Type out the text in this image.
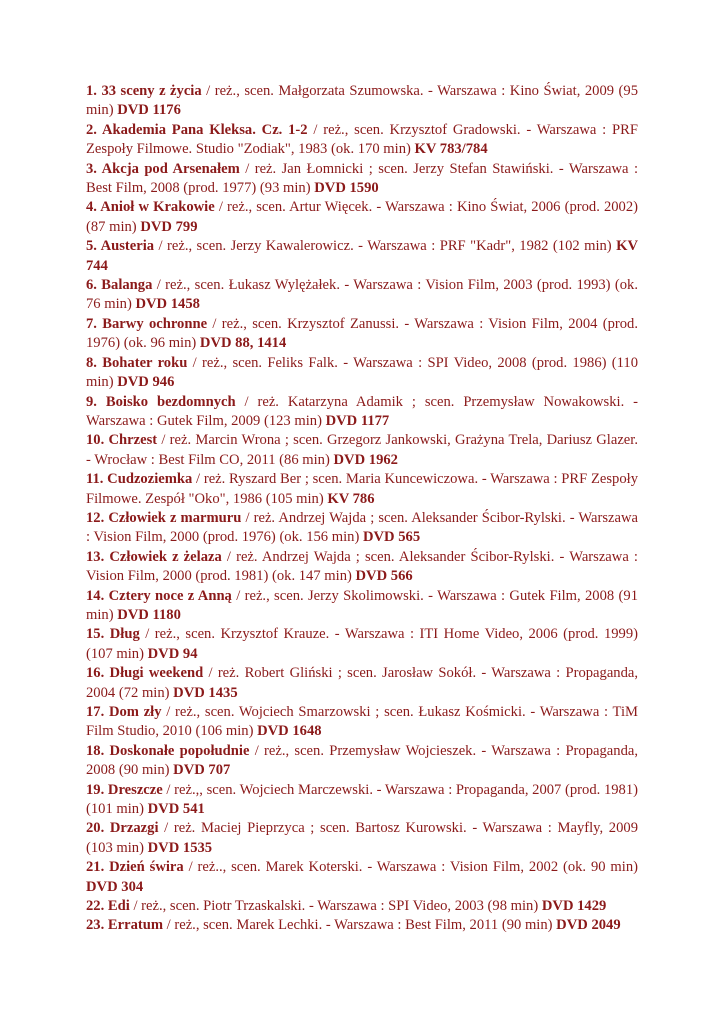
1. 33 sceny z życia / reż., scen. Małgorzata Szumowska. - Warszawa : Kino Świat, 2009 (95 min) DVD 1176

2. Akademia Pana Kleksa. Cz. 1-2 / reż., scen. Krzysztof Gradowski. - Warszawa : PRF Zespoły Filmowe. Studio "Zodiak", 1983 (ok. 170 min) KV 783/784

3. Akcja pod Arsenałem / reż. Jan Łomnicki ; scen. Jerzy Stefan Stawiński. - Warszawa : Best Film, 2008 (prod. 1977) (93 min) DVD 1590

4. Anioł w Krakowie / reż., scen. Artur Więcek. - Warszawa : Kino Świat, 2006 (prod. 2002) (87 min) DVD 799

5. Austeria / reż., scen. Jerzy Kawalerowicz. - Warszawa : PRF "Kadr", 1982 (102 min) KV 744

6. Balanga / reż., scen. Łukasz Wylężałek. - Warszawa : Vision Film, 2003 (prod. 1993) (ok. 76 min) DVD 1458

7. Barwy ochronne / reż., scen. Krzysztof Zanussi. - Warszawa : Vision Film, 2004 (prod. 1976) (ok. 96 min) DVD 88, 1414

8. Bohater roku / reż., scen. Feliks Falk. - Warszawa : SPI Video, 2008 (prod. 1986) (110 min) DVD 946

9. Boisko bezdomnych / reż. Katarzyna Adamik ; scen. Przemysław Nowakowski. - Warszawa : Gutek Film, 2009 (123 min) DVD 1177

10. Chrzest / reż. Marcin Wrona ; scen. Grzegorz Jankowski, Grażyna Trela, Dariusz Glazer. - Wrocław : Best Film CO, 2011 (86 min) DVD 1962

11. Cudzoziemka / reż. Ryszard Ber ; scen. Maria Kuncewiczowa. - Warszawa : PRF Zespoły Filmowe. Zespół "Oko", 1986 (105 min) KV 786

12. Człowiek z marmuru / reż. Andrzej Wajda ; scen. Aleksander Ścibor-Rylski. - Warszawa : Vision Film, 2000 (prod. 1976) (ok. 156 min) DVD 565

13. Człowiek z żelaza / reż. Andrzej Wajda ; scen. Aleksander Ścibor-Rylski. - Warszawa : Vision Film, 2000 (prod. 1981) (ok. 147 min) DVD 566

14. Cztery noce z Anną / reż., scen. Jerzy Skolimowski. - Warszawa : Gutek Film, 2008 (91 min) DVD 1180

15. Dług / reż., scen. Krzysztof Krauze. - Warszawa : ITI Home Video, 2006 (prod. 1999) (107 min) DVD 94

16. Długi weekend / reż. Robert Gliński ; scen. Jarosław Sokół. - Warszawa : Propaganda, 2004 (72 min) DVD 1435

17. Dom zły / reż., scen. Wojciech Smarzowski ; scen. Łukasz Kośmicki. - Warszawa : TiM Film Studio, 2010 (106 min) DVD 1648

18. Doskonałe popołudnie / reż., scen. Przemysław Wojcieszek. - Warszawa : Propaganda, 2008 (90 min) DVD 707

19. Dreszcze / reż.,, scen. Wojciech Marczewski. - Warszawa : Propaganda, 2007 (prod. 1981) (101 min) DVD 541

20. Drzazgi / reż. Maciej Pieprzyca ; scen. Bartosz Kurowski. - Warszawa : Mayfly, 2009 (103 min) DVD 1535

21. Dzień świra / reż.., scen. Marek Koterski. - Warszawa : Vision Film, 2002 (ok. 90 min) DVD 304

22. Edi / reż., scen. Piotr Trzaskalski. - Warszawa : SPI Video, 2003 (98 min) DVD 1429

23. Erratum / reż., scen. Marek Lechki. - Warszawa : Best Film, 2011 (90 min) DVD 2049
